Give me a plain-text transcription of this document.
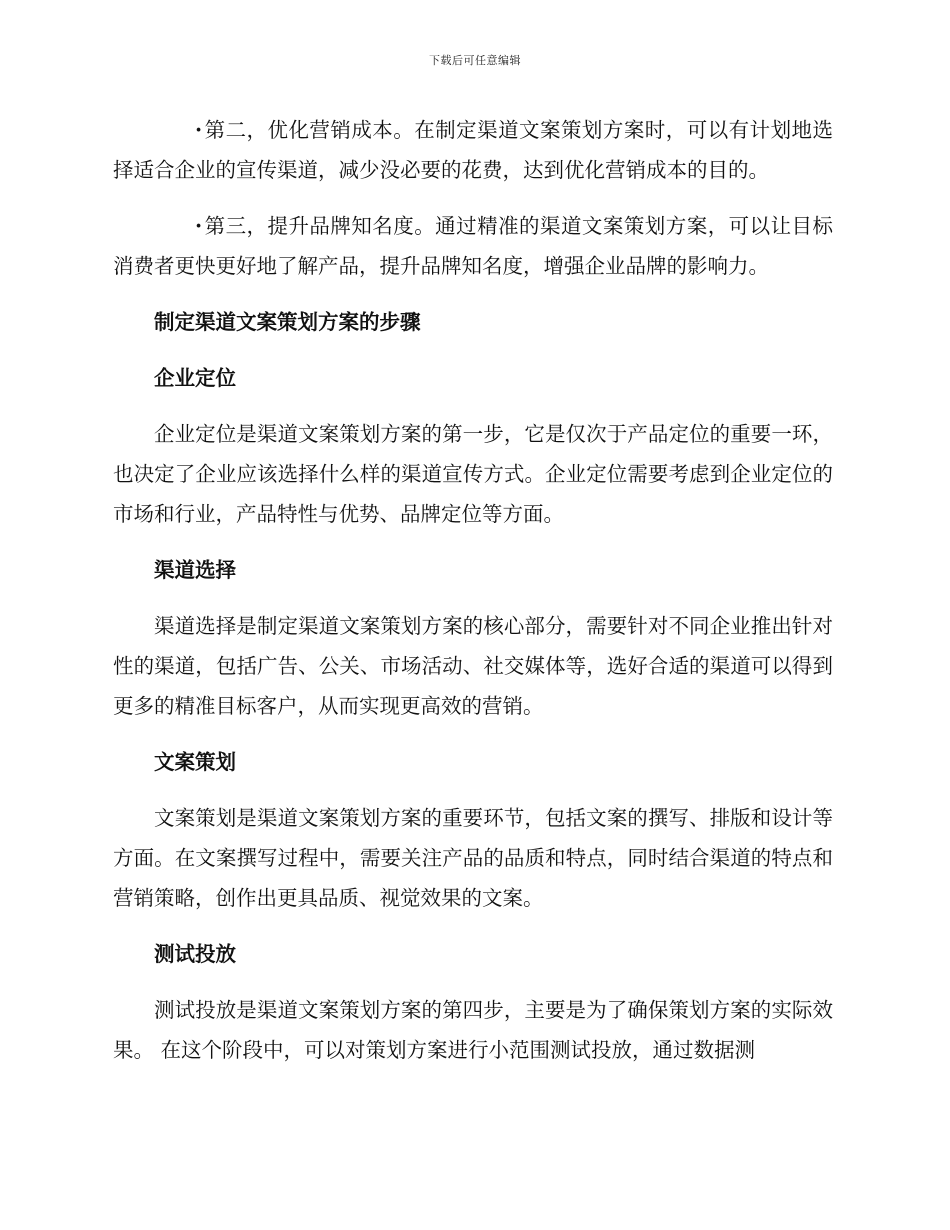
下载后可任意编辑

·第二，优化营销成本。在制定渠道文案策划方案时，可以有计划地选择适合企业的宣传渠道，减少没必要的花费，达到优化营销成本的目的。

·第三，提升品牌知名度。通过精准的渠道文案策划方案，可以让目标消费者更快更好地了解产品，提升品牌知名度，增强企业品牌的影响力。

制定渠道文案策划方案的步骤
企业定位

企业定位是渠道文案策划方案的第一步，它是仅次于产品定位的重要一环，也决定了企业应该选择什么样的渠道宣传方式。企业定位需要考虑到企业定位的市场和行业，产品特性与优势、品牌定位等方面。

渠道选择

渠道选择是制定渠道文案策划方案的核心部分，需要针对不同企业推出针对性的渠道，包括广告、公关、市场活动、社交媒体等，选好合适的渠道可以得到更多的精准目标客户，从而实现更高效的营销。

文案策划

文案策划是渠道文案策划方案的重要环节，包括文案的撰写、排版和设计等方面。在文案撰写过程中，需要关注产品的品质和特点，同时结合渠道的特点和营销策略，创作出更具品质、视觉效果的文案。

测试投放

测试投放是渠道文案策划方案的第四步，主要是为了确保策划方案的实际效果。 在这个阶段中，可以对策划方案进行小范围测试投放，通过数据测
